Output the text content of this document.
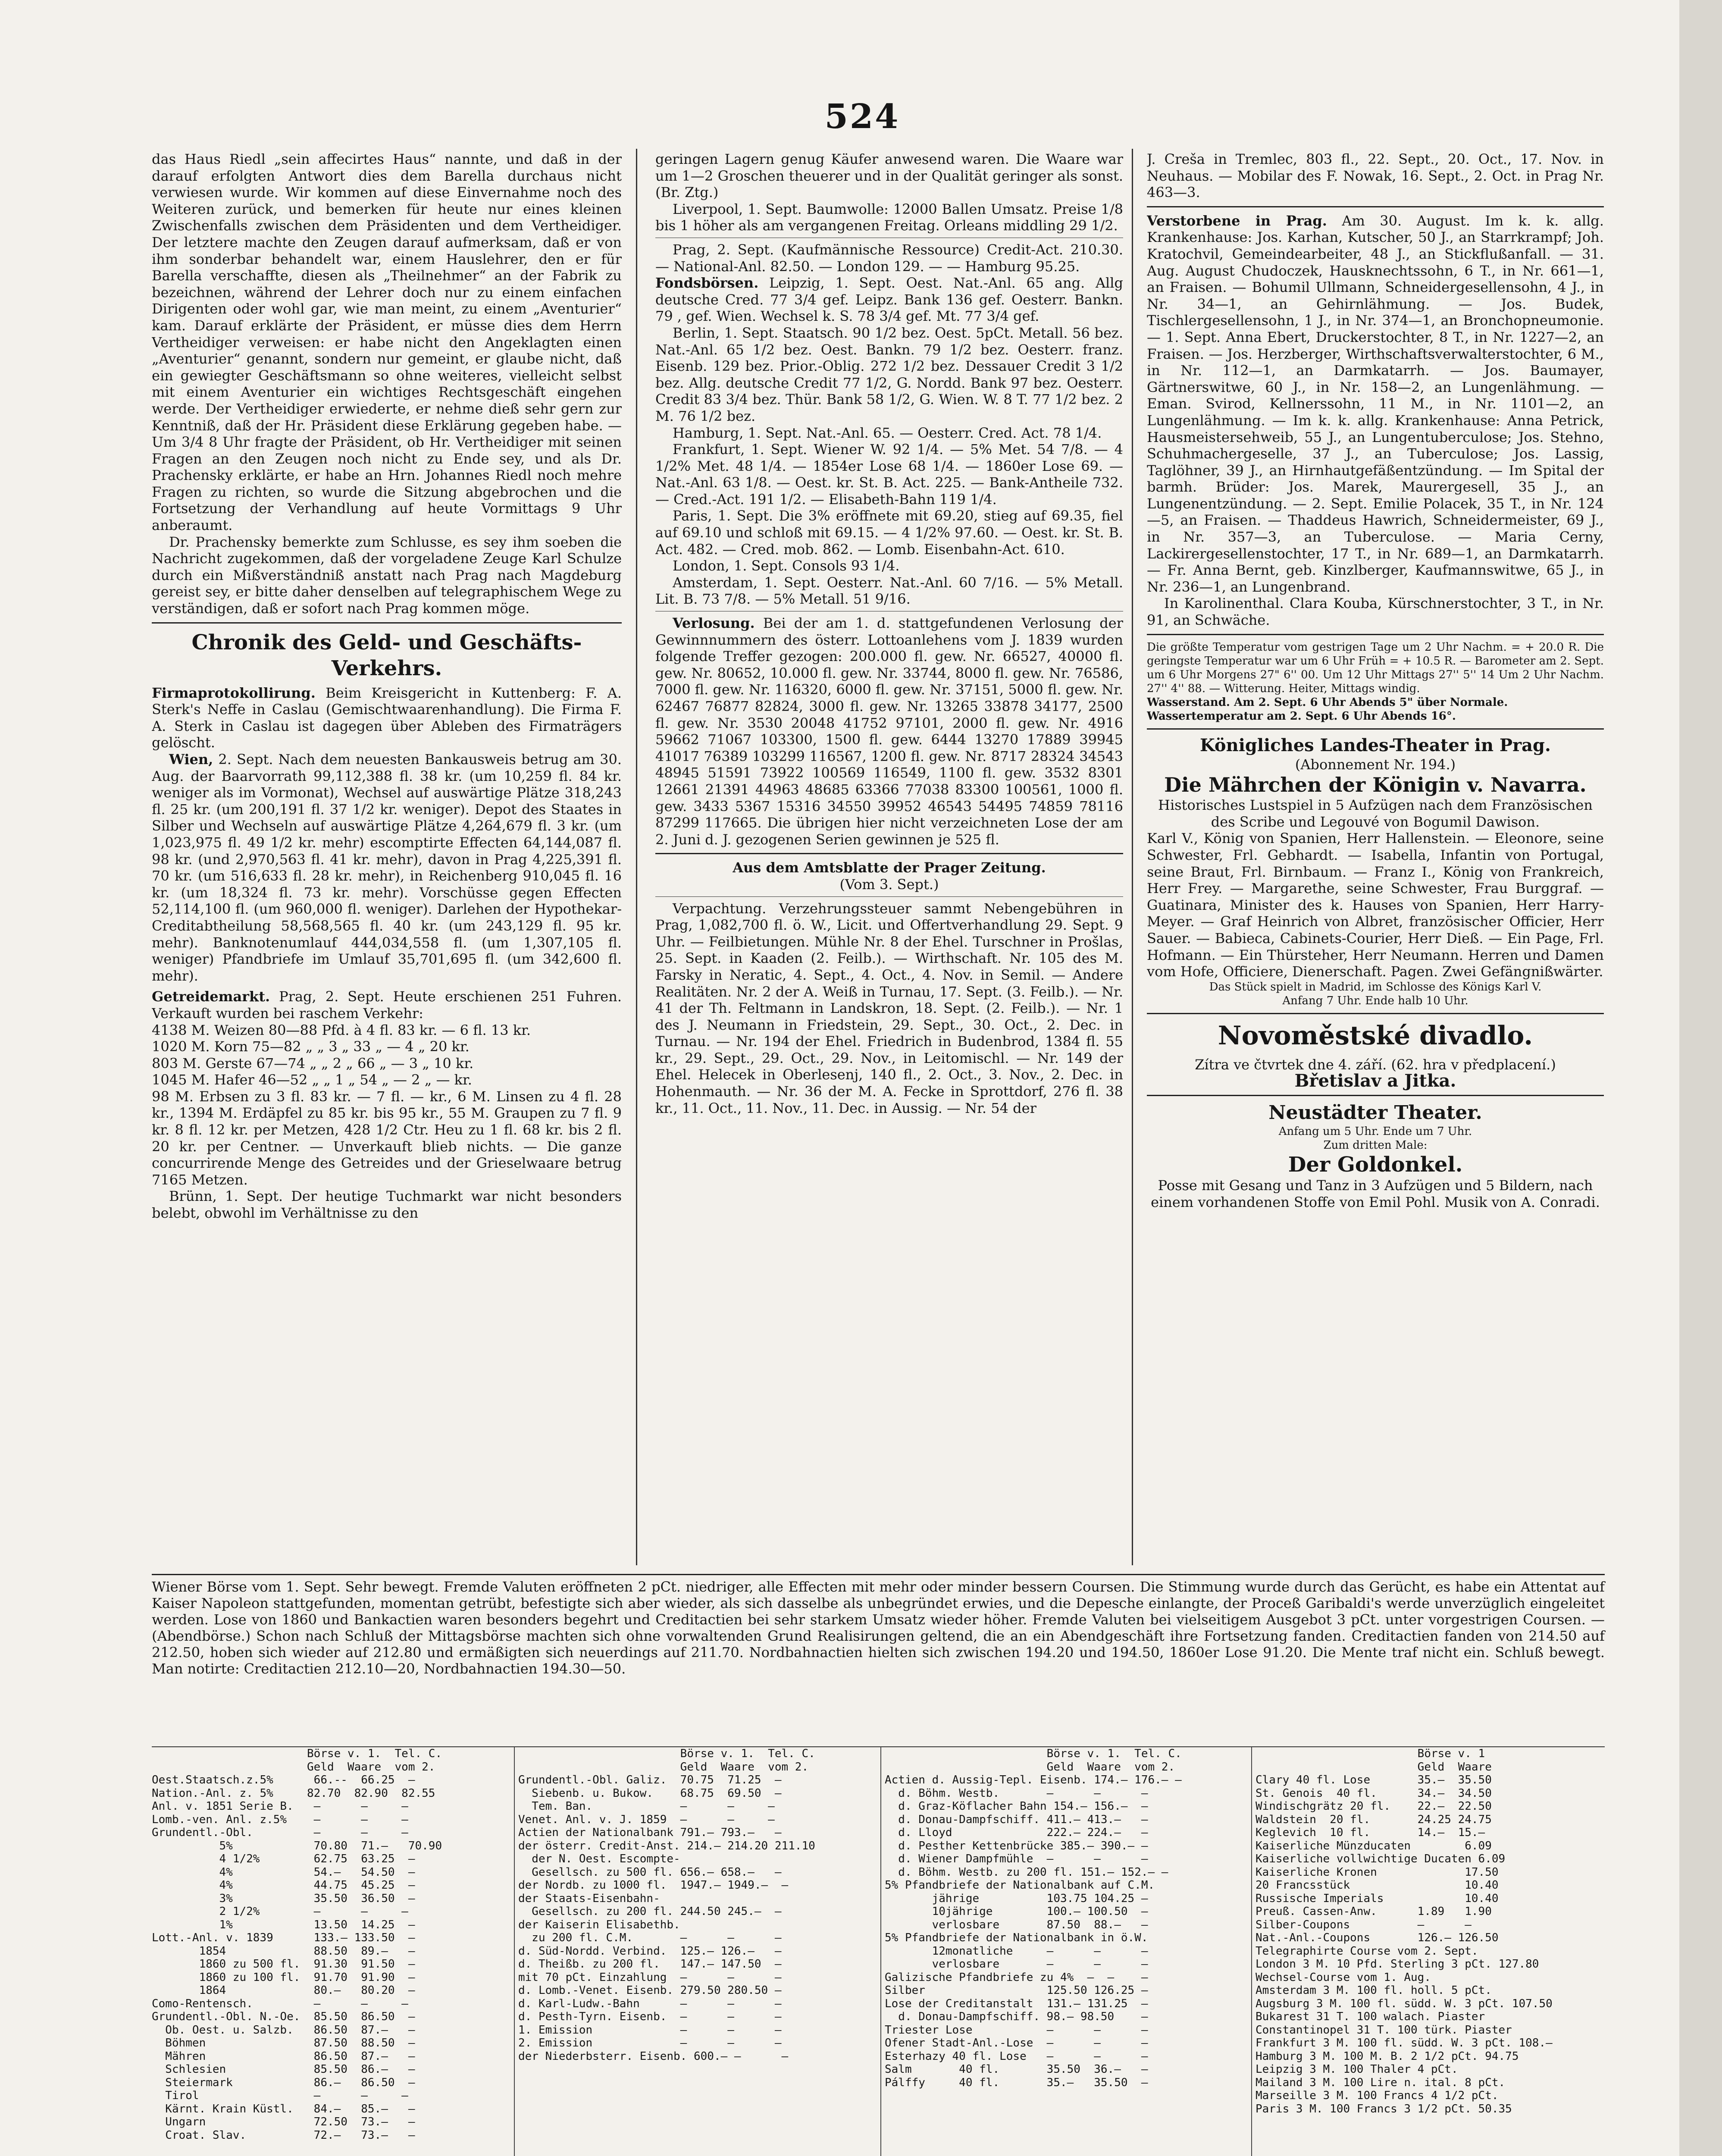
524

das Haus Riedl „sein affecirtes Haus“ nannte, und daß in der darauf erfolgten Antwort dies dem Barella durchaus nicht verwiesen wurde. Wir kommen auf diese Einvernahme noch des Weiteren zurück, und bemerken für heute nur eines kleinen Zwischenfalls zwischen dem Präsidenten und dem Vertheidiger. Der letztere machte den Zeugen darauf aufmerksam, daß er von ihm sonderbar behandelt war, einem Hauslehrer, den er für Barella verschaffte, diesen als „Theilnehmer“ an der Fabrik zu bezeichnen, während der Lehrer doch nur zu einem einfachen Dirigenten oder wohl gar, wie man meint, zu einem „Aventurier“ kam. Darauf erklärte der Präsident, er müsse dies dem Herrn Vertheidiger verweisen: er habe nicht den Angeklagten einen „Aventurier“ genannt, sondern nur gemeint, er glaube nicht, daß ein gewiegter Geschäftsmann so ohne weiteres, vielleicht selbst mit einem Aventurier ein wichtiges Rechtsgeschäft eingehen werde. Der Vertheidiger erwiederte, er nehme dieß sehr gern zur Kenntniß, daß der Hr. Präsident diese Erklärung gegeben habe. — Um 3/4 8 Uhr fragte der Präsident, ob Hr. Vertheidiger mit seinen Fragen an den Zeugen noch nicht zu Ende sey, und als Dr. Prachensky erklärte, er habe an Hrn. Johannes Riedl noch mehre Fragen zu richten, so wurde die Sitzung abgebrochen und die Fortsetzung der Verhandlung auf heute Vormittags 9 Uhr anberaumt.

Dr. Prachensky bemerkte zum Schlusse, es sey ihm soeben die Nachricht zugekommen, daß der vorgeladene Zeuge Karl Schulze durch ein Mißverständniß anstatt nach Prag nach Magdeburg gereist sey, er bitte daher denselben auf telegraphischem Wege zu verständigen, daß er sofort nach Prag kommen möge.

Chronik des Geld- und Geschäfts-Verkehrs.

Firmaprotokollirung. Beim Kreisgericht in Kuttenberg: F. A. Sterk's Neffe in Caslau (Gemischtwaarenhandlung). Die Firma F. A. Sterk in Caslau ist dagegen über Ableben des Firmaträgers gelöscht.

Wien, 2. Sept. Nach dem neuesten Bankausweis betrug am 30. Aug. der Baarvorrath 99,112,388 fl. 38 kr. (um 10,259 fl. 84 kr. weniger als im Vormonat), Wechsel auf auswärtige Plätze 318,243 fl. 25 kr. (um 200,191 fl. 37 1/2 kr. weniger). Depot des Staates in Silber und Wechseln auf auswärtige Plätze 4,264,679 fl. 3 kr. (um 1,023,975 fl. 49 1/2 kr. mehr) escomptirte Effecten 64,144,087 fl. 98 kr. (und 2,970,563 fl. 41 kr. mehr), davon in Prag 4,225,391 fl. 70 kr. (um 516,633 fl. 28 kr. mehr), in Reichenberg 910,045 fl. 16 kr. (um 18,324 fl. 73 kr. mehr). Vorschüsse gegen Effecten 52,114,100 fl. (um 960,000 fl. weniger). Darlehen der Hypothekar-Creditabtheilung 58,568,565 fl. 40 kr. (um 243,129 fl. 95 kr. mehr). Banknotenumlauf 444,034,558 fl. (um 1,307,105 fl. weniger) Pfandbriefe im Umlauf 35,701,695 fl. (um 342,600 fl. mehr).

Getreidemarkt. Prag, 2. Sept. Heute erschienen 251 Fuhren. Verkauft wurden bei raschem Verkehr:

4138 M. Weizen 80—88 Pfd. à 4 fl. 83 kr. — 6 fl. 13 kr.
1020 M. Korn 75—82 „ „ 3 „ 33 „ — 4 „ 20 kr.
803 M. Gerste 67—74 „ „ 2 „ 66 „ — 3 „ 10 kr.
1045 M. Hafer 46—52 „ „ 1 „ 54 „ — 2 „ — kr.

98 M. Erbsen zu 3 fl. 83 kr. — 7 fl. — kr., 6 M. Linsen zu 4 fl. 28 kr., 1394 M. Erdäpfel zu 85 kr. bis 95 kr., 55 M. Graupen zu 7 fl. 9 kr. 8 fl. 12 kr. per Metzen, 428 1/2 Ctr. Heu zu 1 fl. 68 kr. bis 2 fl. 20 kr. per Centner. — Unverkauft blieb nichts. — Die ganze concurrirende Menge des Getreides und der Grieselwaare betrug 7165 Metzen.

Brünn, 1. Sept. Der heutige Tuchmarkt war nicht besonders belebt, obwohl im Verhältnisse zu den

geringen Lagern genug Käufer anwesend waren. Die Waare war um 1—2 Groschen theuerer und in der Qualität geringer als sonst. (Br. Ztg.)

Liverpool, 1. Sept. Baumwolle: 12000 Ballen Umsatz. Preise 1/8 bis 1 höher als am vergangenen Freitag. Orleans middling 29 1/2.

Prag, 2. Sept. (Kaufmännische Ressource) Credit-Act. 210.30. — National-Anl. 82.50. — London 129. — — Hamburg 95.25.

Fondsbörsen. Leipzig, 1. Sept. Oest. Nat.-Anl. 65 ang. Allg deutsche Cred. 77 3/4 gef. Leipz. Bank 136 gef. Oesterr. Bankn. 79 , gef. Wien. Wechsel k. S. 78 3/4 gef. Mt. 77 3/4 gef.

Berlin, 1. Sept. Staatsch. 90 1/2 bez. Oest. 5pCt. Metall. 56 bez. Nat.-Anl. 65 1/2 bez. Oest. Bankn. 79 1/2 bez. Oesterr. franz. Eisenb. 129 bez. Prior.-Oblig. 272 1/2 bez. Dessauer Credit 3 1/2 bez. Allg. deutsche Credit 77 1/2, G. Nordd. Bank 97 bez. Oesterr. Credit 83 3/4 bez. Thür. Bank 58 1/2, G. Wien. W. 8 T. 77 1/2 bez. 2 M. 76 1/2 bez.

Hamburg, 1. Sept. Nat.-Anl. 65. — Oesterr. Cred. Act. 78 1/4.

Frankfurt, 1. Sept. Wiener W. 92 1/4. — 5% Met. 54 7/8. — 4 1/2% Met. 48 1/4. — 1854er Lose 68 1/4. — 1860er Lose 69. — Nat.-Anl. 63 1/8. — Oest. kr. St. B. Act. 225. — Bank-Antheile 732. — Cred.-Act. 191 1/2. — Elisabeth-Bahn 119 1/4.

Paris, 1. Sept. Die 3% eröffnete mit 69.20, stieg auf 69.35, fiel auf 69.10 und schloß mit 69.15. — 4 1/2% 97.60. — Oest. kr. St. B. Act. 482. — Cred. mob. 862. — Lomb. Eisenbahn-Act. 610.

London, 1. Sept. Consols 93 1/4.

Amsterdam, 1. Sept. Oesterr. Nat.-Anl. 60 7/16. — 5% Metall. Lit. B. 73 7/8. — 5% Metall. 51 9/16.

Verlosung. Bei der am 1. d. stattgefundenen Verlosung der Gewinnnummern des österr. Lottoanlehens vom J. 1839 wurden folgende Treffer gezogen: 200.000 fl. gew. Nr. 66527, 40000 fl. gew. Nr. 80652, 10.000 fl. gew. Nr. 33744, 8000 fl. gew. Nr. 76586, 7000 fl. gew. Nr. 116320, 6000 fl. gew. Nr. 37151, 5000 fl. gew. Nr. 62467 76877 82824, 3000 fl. gew. Nr. 13265 33878 34177, 2500 fl. gew. Nr. 3530 20048 41752 97101, 2000 fl. gew. Nr. 4916 59662 71067 103300, 1500 fl. gew. 6444 13270 17889 39945 41017 76389 103299 116567, 1200 fl. gew. Nr. 8717 28324 34543 48945 51591 73922 100569 116549, 1100 fl. gew. 3532 8301 12661 21391 44963 48685 63366 77038 83300 100561, 1000 fl. gew. 3433 5367 15316 34550 39952 46543 54495 74859 78116 87299 117665. Die übrigen hier nicht verzeichneten Lose der am 2. Juni d. J. gezogenen Serien gewinnen je 525 fl.

Aus dem Amtsblatte der Prager Zeitung.
(Vom 3. Sept.)

Verpachtung. Verzehrungssteuer sammt Nebengebühren in Prag, 1,082,700 fl. ö. W., Licit. und Offertverhandlung 29. Sept. 9 Uhr. — Feilbietungen. Mühle Nr. 8 der Ehel. Turschner in Prošlas, 25. Sept. in Kaaden (2. Feilb.). — Wirthschaft. Nr. 105 des M. Farsky in Neratic, 4. Sept., 4. Oct., 4. Nov. in Semil. — Andere Realitäten. Nr. 2 der A. Weiß in Turnau, 17. Sept. (3. Feilb.). — Nr. 41 der Th. Feltmann in Landskron, 18. Sept. (2. Feilb.). — Nr. 1 des J. Neumann in Friedstein, 29. Sept., 30. Oct., 2. Dec. in Turnau. — Nr. 194 der Ehel. Friedrich in Budenbrod, 1384 fl. 55 kr., 29. Sept., 29. Oct., 29. Nov., in Leitomischl. — Nr. 149 der Ehel. Helecek in Oberlesenj, 140 fl., 2. Oct., 3. Nov., 2. Dec. in Hohenmauth. — Nr. 36 der M. A. Fecke in Sprottdorf, 276 fl. 38 kr., 11. Oct., 11. Nov., 11. Dec. in Aussig. — Nr. 54 der

J. Creša in Tremlec, 803 fl., 22. Sept., 20. Oct., 17. Nov. in Neuhaus. — Mobilar des F. Nowak, 16. Sept., 2. Oct. in Prag Nr. 463—3.

Verstorbene in Prag. Am 30. August. Im k. k. allg. Krankenhause: Jos. Karhan, Kutscher, 50 J., an Starrkrampf; Joh. Kratochvil, Gemeindearbeiter, 48 J., an Stickflußanfall. — 31. Aug. August Chudoczek, Hausknechtssohn, 6 T., in Nr. 661—1, an Fraisen. — Bohumil Ullmann, Schneidergesellensohn, 4 J., in Nr. 34—1, an Gehirnlähmung. — Jos. Budek, Tischlergesellensohn, 1 J., in Nr. 374—1, an Bronchopneumonie. — 1. Sept. Anna Ebert, Druckerstochter, 8 T., in Nr. 1227—2, an Fraisen. — Jos. Herzberger, Wirthschaftsverwalterstochter, 6 M., in Nr. 112—1, an Darmkatarrh. — Jos. Baumayer, Gärtnerswitwe, 60 J., in Nr. 158—2, an Lungenlähmung. — Eman. Svirod, Kellnerssohn, 11 M., in Nr. 1101—2, an Lungenlähmung. — Im k. k. allg. Krankenhause: Anna Petrick, Hausmeistersehweib, 55 J., an Lungentuberculose; Jos. Stehno, Schuhmachergeselle, 37 J., an Tuberculose; Jos. Lassig, Taglöhner, 39 J., an Hirnhautgefäßentzündung. — Im Spital der barmh. Brüder: Jos. Marek, Maurergesell, 35 J., an Lungenentzündung. — 2. Sept. Emilie Polacek, 35 T., in Nr. 124—5, an Fraisen. — Thaddeus Hawrich, Schneidermeister, 69 J., in Nr. 357—3, an Tuberculose. — Maria Cerny, Lackirergesellenstochter, 17 T., in Nr. 689—1, an Darmkatarrh. — Fr. Anna Bernt, geb. Kinzlberger, Kaufmannswitwe, 65 J., in Nr. 236—1, an Lungenbrand.

In Karolinenthal. Clara Kouba, Kürschnerstochter, 3 T., in Nr. 91, an Schwäche.

Die größte Temperatur vom gestrigen Tage um 2 Uhr Nachm. = + 20.0 R. Die geringste Temperatur war um 6 Uhr Früh = + 10.5 R. — Barometer am 2. Sept. um 6 Uhr Morgens 27" 6'' 00. Um 12 Uhr Mittags 27'' 5'' 14 Um 2 Uhr Nachm. 27'' 4'' 88. — Witterung. Heiter, Mittags windig.

Wasserstand. Am 2. Sept. 6 Uhr Abends 5" über Normale.

Wassertemperatur am 2. Sept. 6 Uhr Abends 16°.

Königliches Landes-Theater in Prag.
(Abonnement Nr. 194.)
Die Mährchen der Königin v. Navarra.

Historisches Lustspiel in 5 Aufzügen nach dem Französischen des Scribe und Legouvé von Bogumil Dawison.

Karl V., König von Spanien, Herr Hallenstein. — Eleonore, seine Schwester, Frl. Gebhardt. — Isabella, Infantin von Portugal, seine Braut, Frl. Birnbaum. — Franz I., König von Frankreich, Herr Frey. — Margarethe, seine Schwester, Frau Burggraf. — Guatinara, Minister des k. Hauses von Spanien, Herr Harry-Meyer. — Graf Heinrich von Albret, französischer Officier, Herr Sauer. — Babieca, Cabinets-Courier, Herr Dieß. — Ein Page, Frl. Hofmann. — Ein Thürsteher, Herr Neumann. Herren und Damen vom Hofe, Officiere, Dienerschaft. Pagen. Zwei Gefängnißwärter.

Das Stück spielt in Madrid, im Schlosse des Königs Karl V.

Anfang 7 Uhr. Ende halb 10 Uhr.

Novoměstské divadlo.
Zítra ve čtvrtek dne 4. září. (62. hra v předplacení.)
Břetislav a Jitka.
Neustädter Theater.
Anfang um 5 Uhr. Ende um 7 Uhr.
Zum dritten Male:
Der Goldonkel.

Posse mit Gesang und Tanz in 3 Aufzügen und 5 Bildern, nach einem vorhandenen Stoffe von Emil Pohl. Musik von A. Conradi.

Wiener Börse vom 1. Sept. Sehr bewegt. Fremde Valuten eröffneten 2 pCt. niedriger, alle Effecten mit mehr oder minder bessern Coursen. Die Stimmung wurde durch das Gerücht, es habe ein Attentat auf Kaiser Napoleon stattgefunden, momentan getrübt, befestigte sich aber wieder, als sich dasselbe als unbegründet erwies, und die Depesche einlangte, der Proceß Garibaldi's werde unverzüglich eingeleitet werden. Lose von 1860 und Bankactien waren besonders begehrt und Creditactien bei sehr starkem Umsatz wieder höher. Fremde Valuten bei vielseitigem Ausgebot 3 pCt. unter vorgestrigen Coursen. — (Abendbörse.) Schon nach Schluß der Mittagsbörse machten sich ohne vorwaltenden Grund Realisirungen geltend, die an ein Abendgeschäft ihre Fortsetzung fanden. Creditactien fanden von 214.50 auf 212.50, hoben sich wieder auf 212.80 und ermäßigten sich neuerdings auf 211.70. Nordbahnactien hielten sich zwischen 194.20 und 194.50, 1860er Lose 91.20. Die Mente traf nicht ein. Schluß bewegt. Man notirte: Creditactien 212.10—20, Nordbahnactien 194.30—50.
Börse v. 1.  Tel. C.
Geld  Waare  vom 2.
Oest.Staatsch.z.5%      66.--  66.25  —
Nation.-Anl. z. 5%     82.70  82.90  82.55
Anl. v. 1851 Serie B.   —      —     —
Lomb.-ven. Anl. z.5%    —      —     —
Grundentl.-Obl.         —      —     —
5%            70.80  71.—   70.90
4 1/2%        62.75  63.25  —
4%            54.—   54.50  —
4%            44.75  45.25  —
3%            35.50  36.50  —
2 1/2%        —      —     —
1%            13.50  14.25  —
Lott.-Anl. v. 1839      133.— 133.50  —
1854             88.50  89.—   —
1860 zu 500 fl.  91.30  91.50  —
1860 zu 100 fl.  91.70  91.90  —
1864             80.—   80.20  —
Como-Rentensch.         —      —     —
Grundentl.-Obl. N.-Oe.  85.50  86.50  —
Ob. Oest. u. Salzb.   86.50  87.—   —
Böhmen                87.50  88.50  —
Mähren                86.50  87.—   —
Schlesien             85.50  86.—   —
Steiermark            86.—   86.50  —
Tirol                 —      —     —
Kärnt. Krain Küstl.   84.—   85.—   —
Ungarn                72.50  73.—   —
Croat. Slav.          72.—   73.—   —
Börse v. 1.  Tel. C.
Geld  Waare  vom 2.
Grundentl.-Obl. Galiz.  70.75  71.25  —
Siebenb. u. Bukow.    68.75  69.50  —
Tem. Ban.             —      —     —
Venet. Anl. v. J. 1859  —      —     —
Actien der Nationalbank 791.— 793.—   —
der österr. Credit-Anst. 214.— 214.20 211.10
der N. Oest. Escompte-
Gesellsch. zu 500 fl. 656.— 658.—   —
der Nordb. zu 1000 fl.  1947.— 1949.—  —
der Staats-Eisenbahn-
Gesellsch. zu 200 fl. 244.50 245.—  —
der Kaiserin Elisabethb.
zu 200 fl. C.M.       —      —      —
d. Süd-Nordd. Verbind.  125.— 126.—   —
d. Theißb. zu 200 fl.   147.— 147.50  —
mit 70 pCt. Einzahlung  —      —      —
d. Lomb.-Venet. Eisenb. 279.50 280.50 —
d. Karl-Ludw.-Bahn      —      —      —
d. Pesth-Tyrn. Eisenb.  —      —      —
1. Emission             —      —      —
2. Emission             —      —      —
der Niederbsterr. Eisenb. 600.— —      —
Börse v. 1.  Tel. C.
Geld  Waare  vom 2.
Actien d. Aussig-Tepl. Eisenb. 174.— 176.— —
d. Böhm. Westb.       —      —      —
d. Graz-Köflacher Bahn 154.— 156.—  —
d. Donau-Dampfschiff. 411.— 413.—   —
d. Lloyd              222.— 224.—   —
d. Pesther Kettenbrücke 385.— 390.— —
d. Wiener Dampfmühle  —      —      —
d. Böhm. Westb. zu 200 fl. 151.— 152.— —
5% Pfandbriefe der Nationalbank auf C.M.
jährige          103.75 104.25 —
10jährige        100.— 100.50  —
verlosbare       87.50  88.—   —
5% Pfandbriefe der Nationalbank in ö.W.
12monatliche     —      —      —
verlosbare       —      —      —
Galizische Pfandbriefe zu 4%  —  —    —
Silber                  125.50 126.25 —
Lose der Creditanstalt  131.— 131.25  —
d. Donau-Dampfschiff. 98.— 98.50    —
Triester Lose           —      —      —
Ofener Stadt-Anl.-Lose  —      —      —
Esterhazy 40 fl. Lose   —      —      —
Salm       40 fl.       35.50  36.—   —
Pálffy     40 fl.       35.—   35.50  —
Börse v. 1
Geld  Waare
Clary 40 fl. Lose       35.—  35.50
St. Genois  40 fl.      34.—  34.50
Windischgrätz 20 fl.    22.—  22.50
Waldstein  20 fl.       24.25 24.75
Keglevich  10 fl.       14.—  15.—
Kaiserliche Münzducaten        6.09
Kaiserliche vollwichtige Ducaten 6.09
Kaiserliche Kronen             17.50
20 Francsstück                 10.40
Russische Imperials            10.40
Preuß. Cassen-Anw.      1.89   1.90
Silber-Coupons          —      —
Nat.-Anl.-Coupons       126.— 126.50
Telegraphirte Course vom 2. Sept.
London 3 M. 10 Pfd. Sterling 3 pCt. 127.80
Wechsel-Course vom 1. Aug.
Amsterdam 3 M. 100 fl. holl. 5 pCt.
Augsburg 3 M. 100 fl. südd. W. 3 pCt. 107.50
Bukarest 31 T. 100 walach. Piaster
Constantinopel 31 T. 100 türk. Piaster
Frankfurt 3 M. 100 fl. südd. W. 3 pCt. 108.—
Hamburg 3 M. 100 M. B. 2 1/2 pCt. 94.75
Leipzig 3 M. 100 Thaler 4 pCt.
Mailand 3 M. 100 Lire n. ital. 8 pCt.
Marseille 3 M. 100 Francs 4 1/2 pCt.
Paris 3 M. 100 Francs 3 1/2 pCt. 50.35
